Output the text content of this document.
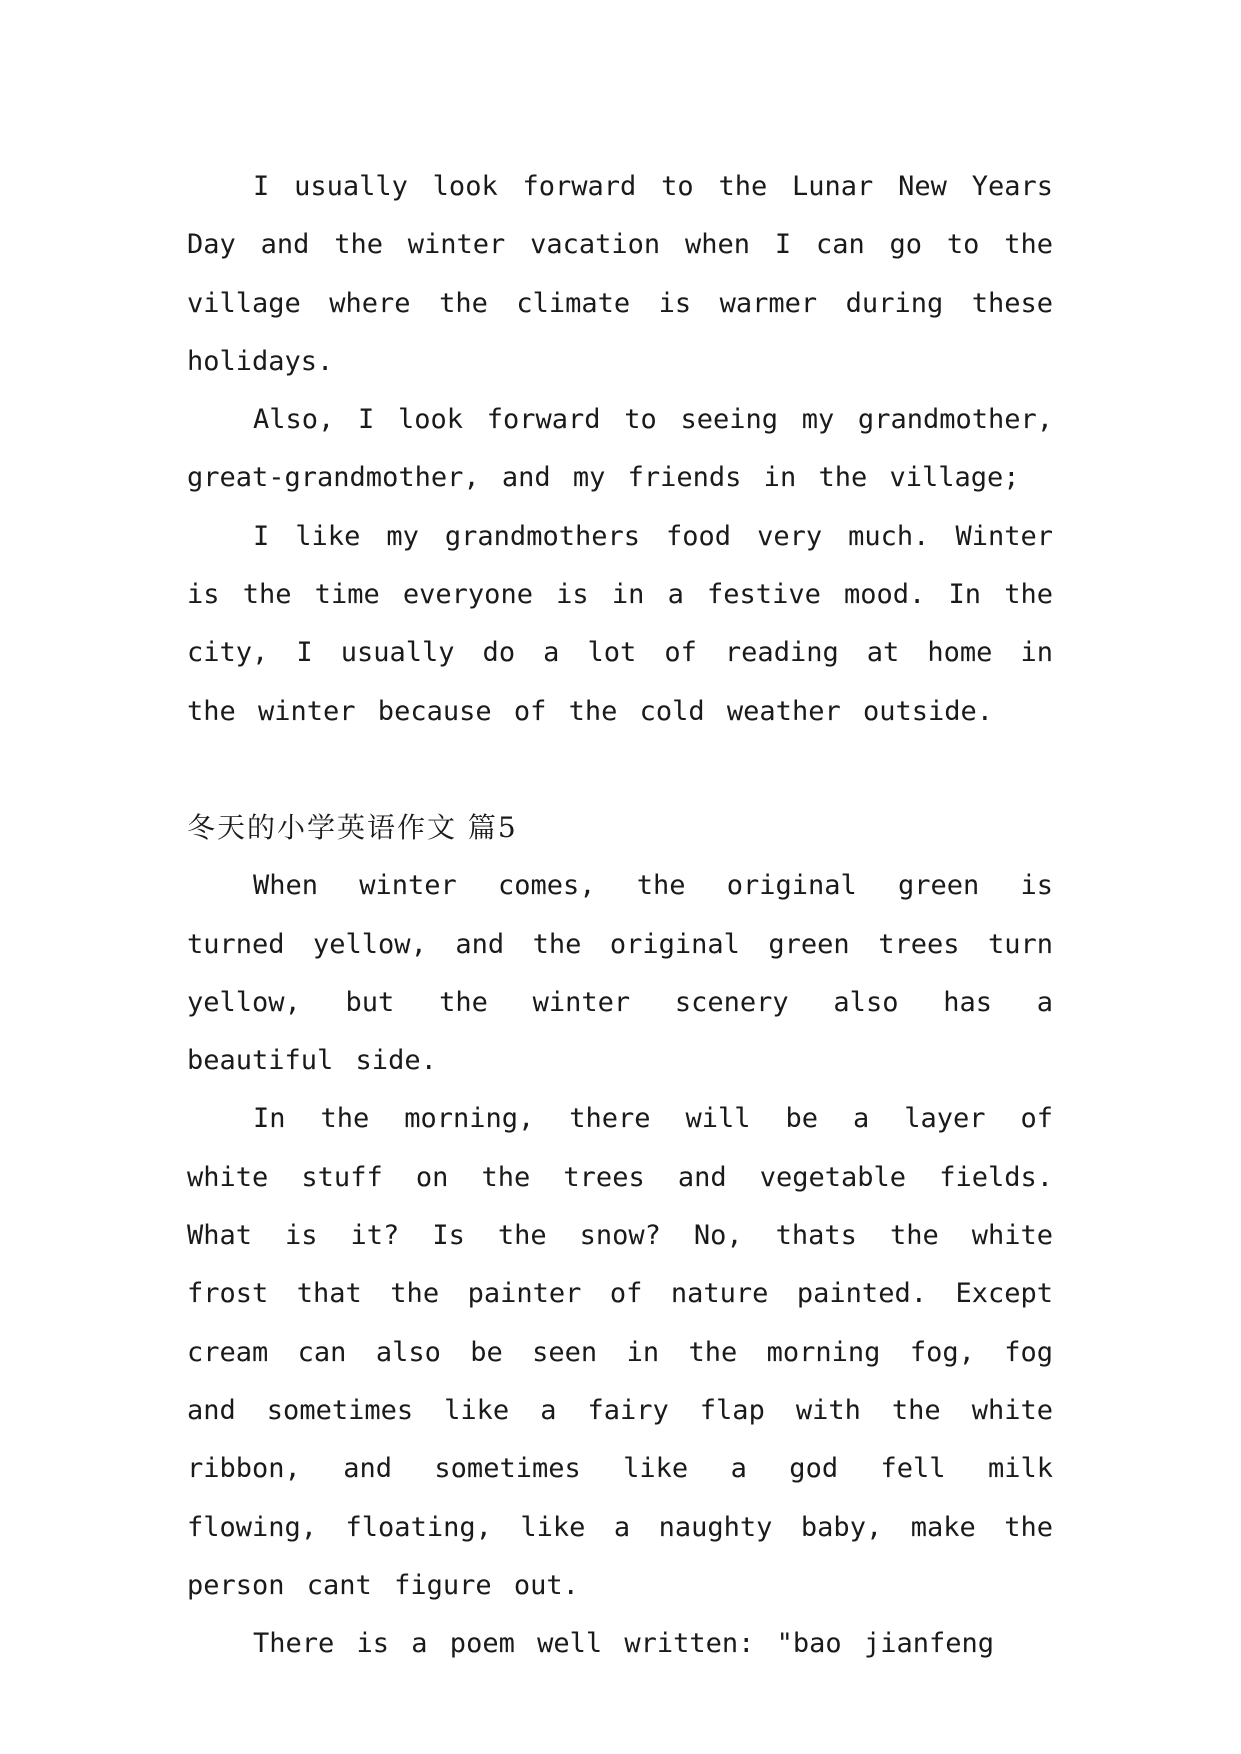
I usually look forward to the Lunar New Years Day and the winter vacation when I can go to the village where the climate is warmer during these holidays.

Also, I look forward to seeing my grandmother, great-grandmother, and my friends in the village;

I like my grandmothers food very much. Winter is the time everyone is in a festive mood. In the city, I usually do a lot of reading at home in the winter because of the cold weather outside.

冬天的小学英语作文 篇5

When winter comes, the original green is turned yellow, and the original green trees turn yellow, but the winter scenery also has a beautiful side.

In the morning, there will be a layer of white stuff on the trees and vegetable fields. What is it? Is the snow? No, thats the white frost that the painter of nature painted. Except cream can also be seen in the morning fog, fog and sometimes like a fairy flap with the white ribbon, and sometimes like a god fell milk flowing, floating, like a naughty baby, make the person cant figure out.

There is a poem well written: "bao jianfeng
